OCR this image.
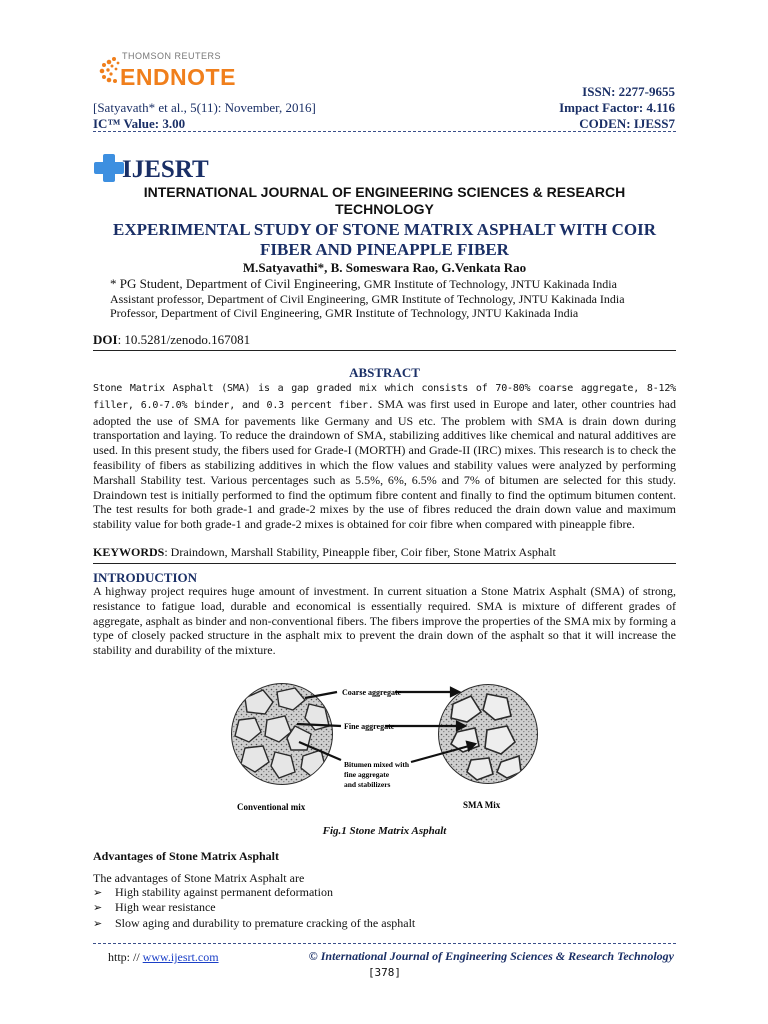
THOMSON REUTERS
ENDNOTE
ISSN: 2277-9655
[Satyavath* et al., 5(11): November, 2016]	Impact Factor: 4.116
IC™ Value: 3.00	CODEN: IJESS7
IJESRT
INTERNATIONAL JOURNAL OF ENGINEERING SCIENCES & RESEARCH TECHNOLOGY
EXPERIMENTAL STUDY OF STONE MATRIX ASPHALT WITH COIR FIBER AND PINEAPPLE FIBER
M.Satyavathi*, B. Someswara Rao, G.Venkata Rao
* PG Student, Department of Civil Engineering, GMR Institute of Technology, JNTU Kakinada India
Assistant professor, Department of Civil Engineering, GMR Institute of Technology, JNTU Kakinada India
Professor, Department of Civil Engineering, GMR Institute of Technology, JNTU Kakinada India
DOI: 10.5281/zenodo.167081
ABSTRACT
Stone Matrix Asphalt (SMA) is a gap graded mix which consists of 70-80% coarse aggregate, 8-12% filler, 6.0-7.0% binder, and 0.3 percent fiber. SMA was first used in Europe and later, other countries had adopted the use of SMA for pavements like Germany and US etc. The problem with SMA is drain down during transportation and laying. To reduce the draindown of SMA, stabilizing additives like chemical and natural additives are used. In this present study, the fibers used for Grade-I (MORTH) and Grade-II (IRC) mixes. This research is to check the feasibility of fibers as stabilizing additives in which the flow values and stability values were analyzed by performing Marshall Stability test. Various percentages such as 5.5%, 6%, 6.5% and 7% of bitumen are selected for this study. Draindown test is initially performed to find the optimum fibre content and finally to find the optimum bitumen content. The test results for both grade-1 and grade-2 mixes by the use of fibres reduced the drain down value and maximum stability value for both grade-1 and grade-2 mixes is obtained for coir fibre when compared with pineapple fibre.
KEYWORDS: Draindown, Marshall Stability, Pineapple fiber, Coir fiber, Stone Matrix Asphalt
INTRODUCTION
A highway project requires huge amount of investment. In current situation a Stone Matrix Asphalt (SMA) of strong, resistance to fatigue load, durable and economical is essentially required. SMA is mixture of different grades of aggregate, asphalt as binder and non-conventional fibers. The fibers improve the properties of the SMA mix by forming a type of closely packed structure in the asphalt mix to prevent the drain down of the asphalt so that it will increase the stability and durability of the mixture.
Coarse aggregate
Fine aggregate
Bitumen mixed with
fine aggregate
and stabilizers
Conventional mix	SMA Mix
Fig.1 Stone Matrix Asphalt
Advantages of Stone Matrix Asphalt
The advantages of Stone Matrix Asphalt are
➢ High stability against permanent deformation
➢ High wear resistance
➢ Slow aging and durability to premature cracking of the asphalt
http: // www.ijesrt.com	© International Journal of Engineering Sciences & Research Technology
[378]
